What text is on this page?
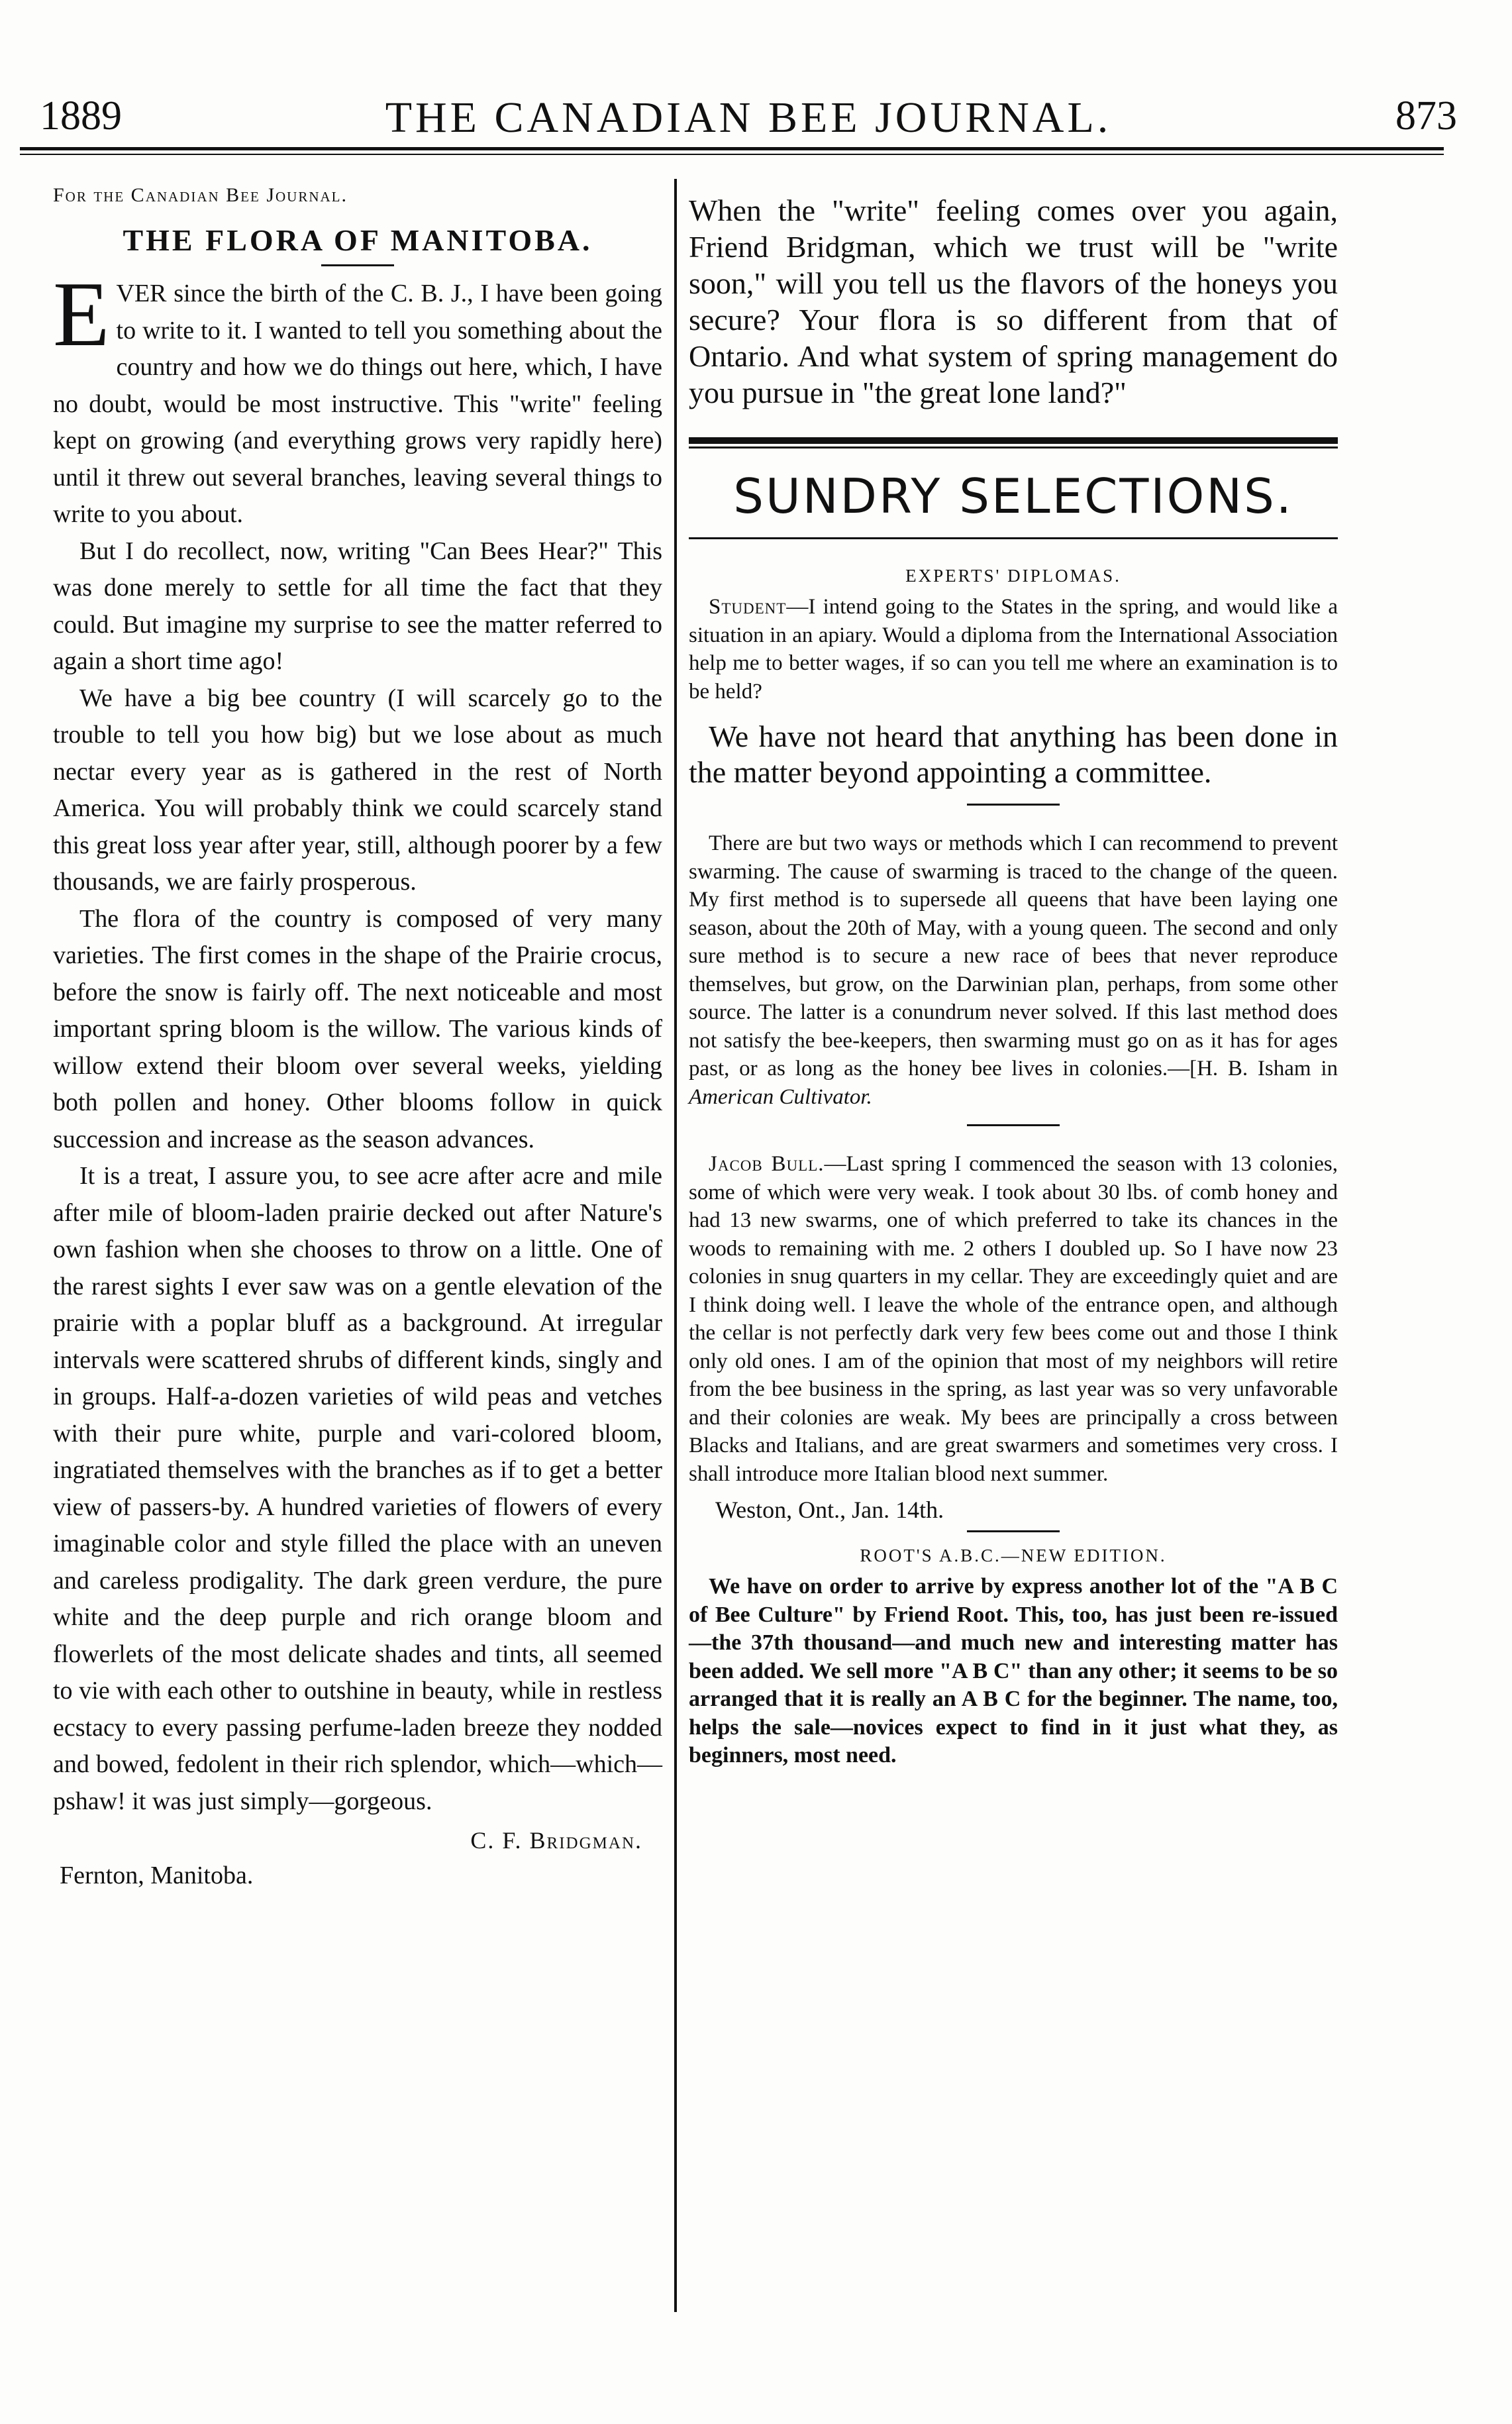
1889	THE CANADIAN BEE JOURNAL.	873
For the Canadian Bee Journal.
THE FLORA OF MANITOBA.

EVER since the birth of the C. B. J., I have been going to write to it. I wanted to tell you something about the country and how we do things out here, which, I have no doubt, would be most instructive. This "write" feeling kept on growing (and everything grows very rapidly here) until it threw out several branches, leaving several things to write to you about.

But I do recollect, now, writing "Can Bees Hear?" This was done merely to settle for all time the fact that they could. But imagine my surprise to see the matter referred to again a short time ago!

We have a big bee country (I will scarcely go to the trouble to tell you how big) but we lose about as much nectar every year as is gathered in the rest of North America. You will probably think we could scarcely stand this great loss year after year, still, although poorer by a few thousands, we are fairly prosperous.

The flora of the country is composed of very many varieties. The first comes in the shape of the Prairie crocus, before the snow is fairly off. The next noticeable and most important spring bloom is the willow. The various kinds of willow extend their bloom over several weeks, yielding both pollen and honey. Other blooms follow in quick succession and increase as the season advances.

It is a treat, I assure you, to see acre after acre and mile after mile of bloom-laden prairie decked out after Nature's own fashion when she chooses to throw on a little. One of the rarest sights I ever saw was on a gentle elevation of the prairie with a poplar bluff as a background. At irregular intervals were scattered shrubs of different kinds, singly and in groups. Half-a-dozen varieties of wild peas and vetches with their pure white, purple and vari-colored bloom, ingratiated themselves with the branches as if to get a better view of passers-by. A hundred varieties of flowers of every imaginable color and style filled the place with an uneven and careless prodigality. The dark green verdure, the pure white and the deep purple and rich orange bloom and flowerlets of the most delicate shades and tints, all seemed to vie with each other to outshine in beauty, while in restless ecstacy to every passing perfume-laden breeze they nodded and bowed, fedolent in their rich splendor, which—which—pshaw! it was just simply—gorgeous.

C. F. Bridgman.
Fernton, Manitoba.

When the "write" feeling comes over you again, Friend Bridgman, which we trust will be "write soon," will you tell us the flavors of the honeys you secure? Your flora is so different from that of Ontario. And what system of spring management do you pursue in "the great lone land?"

SUNDRY SELECTIONS.
EXPERTS' DIPLOMAS.

Student—I intend going to the States in the spring, and would like a situation in an apiary. Would a diploma from the International Association help me to better wages, if so can you tell me where an examination is to be held?

We have not heard that anything has been done in the matter beyond appointing a committee.

There are but two ways or methods which I can recommend to prevent swarming. The cause of swarming is traced to the change of the queen. My first method is to supersede all queens that have been laying one season, about the 20th of May, with a young queen. The second and only sure method is to secure a new race of bees that never reproduce themselves, but grow, on the Darwinian plan, perhaps, from some other source. The latter is a conundrum never solved. If this last method does not satisfy the bee-keepers, then swarming must go on as it has for ages past, or as long as the honey bee lives in colonies.—[H. B. Isham in American Cultivator.

Jacob Bull.—Last spring I commenced the season with 13 colonies, some of which were very weak. I took about 30 lbs. of comb honey and had 13 new swarms, one of which preferred to take its chances in the woods to remaining with me. 2 others I doubled up. So I have now 23 colonies in snug quarters in my cellar. They are exceedingly quiet and are I think doing well. I leave the whole of the entrance open, and although the cellar is not perfectly dark very few bees come out and those I think only old ones. I am of the opinion that most of my neighbors will retire from the bee business in the spring, as last year was so very unfavorable and their colonies are weak. My bees are principally a cross between Blacks and Italians, and are great swarmers and sometimes very cross. I shall introduce more Italian blood next summer.

Weston, Ont., Jan. 14th.
ROOT'S A.B.C.—NEW EDITION.

We have on order to arrive by express another lot of the "A B C of Bee Culture" by Friend Root. This, too, has just been re-issued—the 37th thousand—and much new and interesting matter has been added. We sell more "A B C" than any other; it seems to be so arranged that it is really an A B C for the beginner. The name, too, helps the sale—novices expect to find in it just what they, as beginners, most need.
